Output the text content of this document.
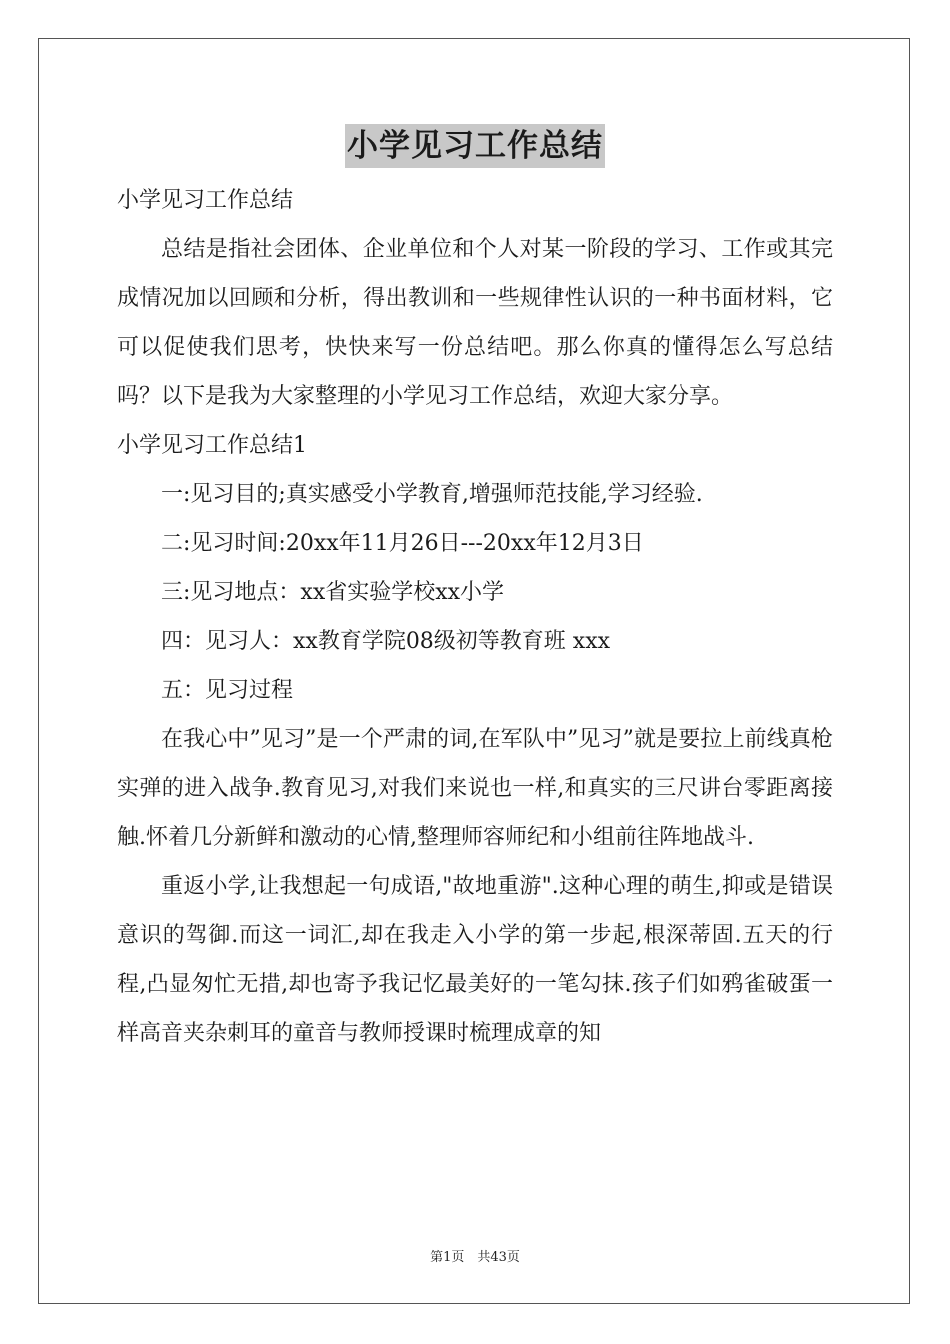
小学见习工作总结

小学见习工作总结

总结是指社会团体、企业单位和个人对某一阶段的学习、工作或其完成情况加以回顾和分析，得出教训和一些规律性认识的一种书面材料，它可以促使我们思考，快快来写一份总结吧。那么你真的懂得怎么写总结吗？以下是我为大家整理的小学见习工作总结，欢迎大家分享。

小学见习工作总结1

一:见习目的;真实感受小学教育,增强师范技能,学习经验.

二:见习时间:20xx年11月26日---20xx年12月3日

三:见习地点：xx省实验学校xx小学

四：见习人：xx教育学院08级初等教育班 xxx

五：见习过程

在我心中”见习”是一个严肃的词,在军队中”见习”就是要拉上前线真枪实弹的进入战争.教育见习,对我们来说也一样,和真实的三尺讲台零距离接触.怀着几分新鲜和激动的心情,整理师容师纪和小组前往阵地战斗.

重返小学,让我想起一句成语,"故地重游".这种心理的萌生,抑或是错误意识的驾御.而这一词汇,却在我走入小学的第一步起,根深蒂固.五天的行程,凸显匆忙无措,却也寄予我记忆最美好的一笔勾抹.孩子们如鸦雀破蛋一样高音夹杂刺耳的童音与教师授课时梳理成章的知

第1页　共43页
